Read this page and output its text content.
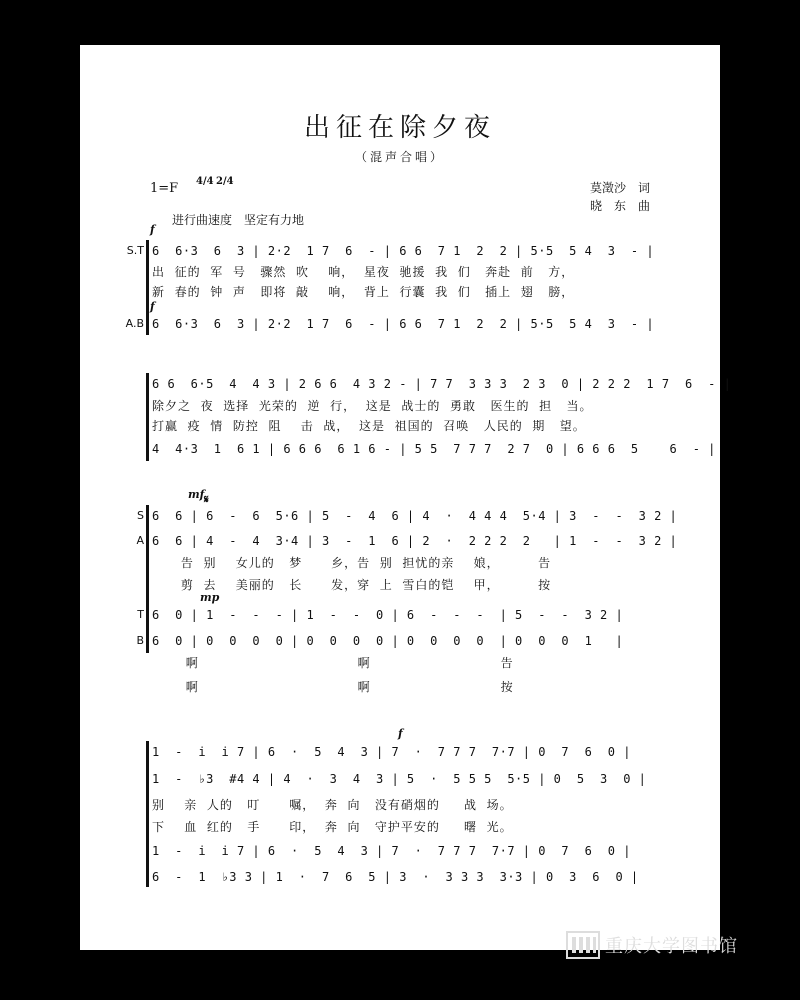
出征在除夕夜
（混声合唱）
1=F 4/4 2/4	莫澂沙　词
晓　东　曲
进行曲速度　坚定有力地
f
S.T 6  6·3  6  3 | 2·2  1 7  6  - | 6 6  7 1  2  2 | 5·5  5 4  3  - |
出  征的  军  号   骤然  吹    响，  星夜  驰援  我  们   奔赴  前   方，
新  春的  钟  声   即将  敲    响，  背上  行囊  我  们   插上  翅   膀，
f
A.B 6  6·3  6  3 | 2·2  1 7  6  - | 6 6  7 1  2  2 | 5·5  5 4  3  - |
6 6  6·5  4  4 3 | 2 6 6  4 3 2 - | 7 7  3 3 3  2 3  0 | 2 2 2  1 7  6  - |
除夕之  夜  选择  光荣的  逆  行，  这是  战士的  勇敢   医生的  担   当。
打赢  疫  情  防控  阻    击  战，  这是  祖国的  召唤   人民的  期   望。
4  4·3  1  6 1 | 6 6 6  6 1 6 - | 5 5  7 7 7  2 7  0 | 6 6 6  5    6  - |
mf 𝄋
S 6  6 | 6  -  6  5·6 | 5  -  4  6 | 4  ·  4 4 4  5·4 | 3  -  -  3 2 |
A 6  6 | 4  -  4  3·4 | 3  -  1  6 | 2  ·  2 2 2  2   | 1  -  -  3 2 |
告  别    女儿的   梦      乡，告  别  担忧的亲    娘，        告
剪  去    美丽的   长      发，穿  上  雪白的铠    甲，        按
mp
T 6  0 | 1  -  -  - | 1  -  -  0 | 6  -  -  -  | 5  -  -  3 2 |
B 6  0 | 0  0  0  0 | 0  0  0  0 | 0  0  0  0  | 0  0  0  1   |
啊                                 啊                           告
啊                                 啊                           按
f
1  -  i  i 7 | 6  ·  5  4  3 | 7  ·  7 7 7  7·7 | 0  7  6  0 |
1  -  ♭3  #4 4 | 4  ·  3  4  3 | 5  ·  5 5 5  5·5 | 0  5  3  0 |
别    亲  人的   叮      嘱，  奔  向   没有硝烟的     战  场。
下    血  红的   手      印，  奔  向   守护平安的     曙  光。
1  -  i  i 7 | 6  ·  5  4  3 | 7  ·  7 7 7  7·7 | 0  7  6  0 |
6  -  1  ♭3 3 | 1  ·  7  6  5 | 3  ·  3 3 3  3·3 | 0  3  6  0 |
重庆大学图书馆
